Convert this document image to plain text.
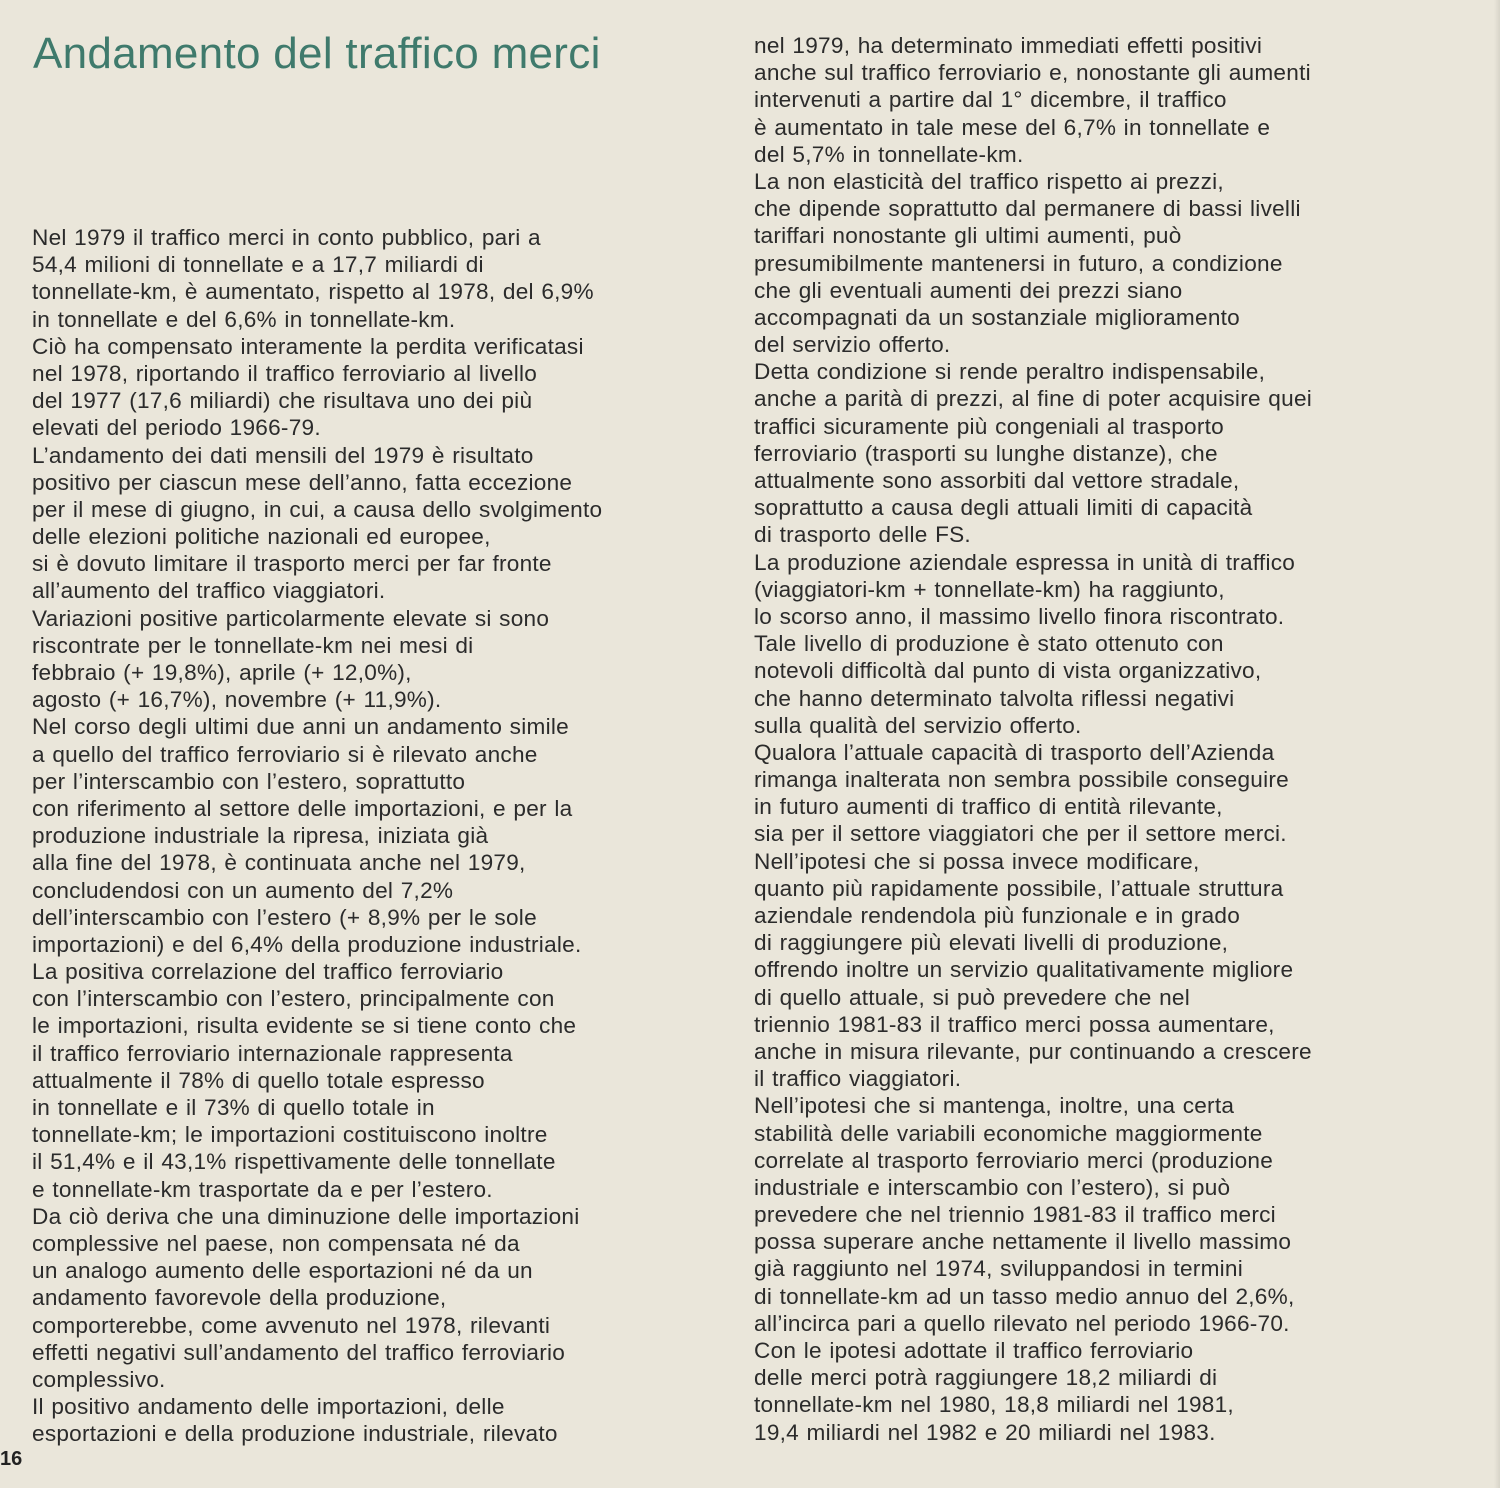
Andamento del traffico merci
Nel 1979 il traffico merci in conto pubblico, pari a
54,4 milioni di tonnellate e a 17,7 miliardi di
tonnellate-km, è aumentato, rispetto al 1978, del 6,9%
in tonnellate e del 6,6% in tonnellate-km.
Ciò ha compensato interamente la perdita verificatasi
nel 1978, riportando il traffico ferroviario al livello
del 1977 (17,6 miliardi) che risultava uno dei più
elevati del periodo 1966-79.
L’andamento dei dati mensili del 1979 è risultato
positivo per ciascun mese dell’anno, fatta eccezione
per il mese di giugno, in cui, a causa dello svolgimento
delle elezioni politiche nazionali ed europee,
si è dovuto limitare il trasporto merci per far fronte
all’aumento del traffico viaggiatori.
Variazioni positive particolarmente elevate si sono
riscontrate per le tonnellate-km nei mesi di
febbraio (+ 19,8%), aprile (+ 12,0%),
agosto (+ 16,7%), novembre (+ 11,9%).
Nel corso degli ultimi due anni un andamento simile
a quello del traffico ferroviario si è rilevato anche
per l’interscambio con l’estero, soprattutto
con riferimento al settore delle importazioni, e per la
produzione industriale la ripresa, iniziata già
alla fine del 1978, è continuata anche nel 1979,
concludendosi con un aumento del 7,2%
dell’interscambio con l’estero (+ 8,9% per le sole
importazioni) e del 6,4% della produzione industriale.
La positiva correlazione del traffico ferroviario
con l’interscambio con l’estero, principalmente con
le importazioni, risulta evidente se si tiene conto che
il traffico ferroviario internazionale rappresenta
attualmente il 78% di quello totale espresso
in tonnellate e il 73% di quello totale in
tonnellate-km; le importazioni costituiscono inoltre
il 51,4% e il 43,1% rispettivamente delle tonnellate
e tonnellate-km trasportate da e per l’estero.
Da ciò deriva che una diminuzione delle importazioni
complessive nel paese, non compensata né da
un analogo aumento delle esportazioni né da un
andamento favorevole della produzione,
comporterebbe, come avvenuto nel 1978, rilevanti
effetti negativi sull’andamento del traffico ferroviario
complessivo.
Il positivo andamento delle importazioni, delle
esportazioni e della produzione industriale, rilevato
nel 1979, ha determinato immediati effetti positivi
anche sul traffico ferroviario e, nonostante gli aumenti
intervenuti a partire dal 1° dicembre, il traffico
è aumentato in tale mese del 6,7% in tonnellate e
del 5,7% in tonnellate-km.
La non elasticità del traffico rispetto ai prezzi,
che dipende soprattutto dal permanere di bassi livelli
tariffari nonostante gli ultimi aumenti, può
presumibilmente mantenersi in futuro, a condizione
che gli eventuali aumenti dei prezzi siano
accompagnati da un sostanziale miglioramento
del servizio offerto.
Detta condizione si rende peraltro indispensabile,
anche a parità di prezzi, al fine di poter acquisire quei
traffici sicuramente più congeniali al trasporto
ferroviario (trasporti su lunghe distanze), che
attualmente sono assorbiti dal vettore stradale,
soprattutto a causa degli attuali limiti di capacità
di trasporto delle FS.
La produzione aziendale espressa in unità di traffico
(viaggiatori-km + tonnellate-km) ha raggiunto,
lo scorso anno, il massimo livello finora riscontrato.
Tale livello di produzione è stato ottenuto con
notevoli difficoltà dal punto di vista organizzativo,
che hanno determinato talvolta riflessi negativi
sulla qualità del servizio offerto.
Qualora l’attuale capacità di trasporto dell’Azienda
rimanga inalterata non sembra possibile conseguire
in futuro aumenti di traffico di entità rilevante,
sia per il settore viaggiatori che per il settore merci.
Nell’ipotesi che si possa invece modificare,
quanto più rapidamente possibile, l’attuale struttura
aziendale rendendola più funzionale e in grado
di raggiungere più elevati livelli di produzione,
offrendo inoltre un servizio qualitativamente migliore
di quello attuale, si può prevedere che nel
triennio 1981-83 il traffico merci possa aumentare,
anche in misura rilevante, pur continuando a crescere
il traffico viaggiatori.
Nell’ipotesi che si mantenga, inoltre, una certa
stabilità delle variabili economiche maggiormente
correlate al trasporto ferroviario merci (produzione
industriale e interscambio con l’estero), si può
prevedere che nel triennio 1981-83 il traffico merci
possa superare anche nettamente il livello massimo
già raggiunto nel 1974, sviluppandosi in termini
di tonnellate-km ad un tasso medio annuo del 2,6%,
all’incirca pari a quello rilevato nel periodo 1966-70.
Con le ipotesi adottate il traffico ferroviario
delle merci potrà raggiungere 18,2 miliardi di
tonnellate-km nel 1980, 18,8 miliardi nel 1981,
19,4 miliardi nel 1982 e 20 miliardi nel 1983.
16
